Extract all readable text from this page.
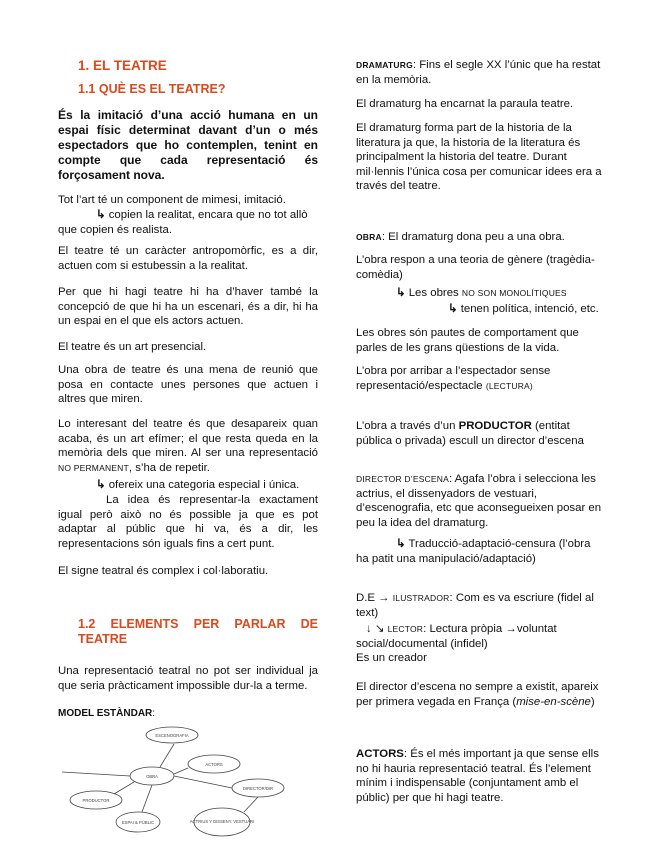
1. EL TEATRE
1.1 QUÈ ES EL TEATRE?

És la imitació d’una acció humana en un espai físic determinat davant d’un o més espectadors que ho contemplen, tenint en compte que cada representació és forçosament nova.

Tot l’art té un component de mimesi, imitació.

↳ copien la realitat, encara que no tot allò que copien és realista.

El teatre té un caràcter antropomòrfic, es a dir, actuen com si estubessin a la realitat.

Per que hi hagi teatre hi ha d’haver també la concepció de que hi ha un escenari, és a dir, hi ha un espai en el que els actors actuen.

El teatre és un art presencial.

Una obra de teatre és una mena de reunió que posa en contacte unes persones que actuen i altres que miren.

Lo interesant del teatre és que desapareix quan acaba, és un art efímer; el que resta queda en la memòria dels que miren. Al ser una representació NO PERMANENT, s’ha de repetir.

↳ ofereix una categoria especial i única.

La idea és representar-la exactament igual però això no és possible ja que es pot adaptar al públic que hi va, és a dir, les representacions són iguals fins a cert punt.

El signe teatral és complex i col·laboratiu.

1.2 ELEMENTS PER PARLAR DE TEATRE

Una representació teatral no pot ser individual ja que seria pràcticament impossible dur-la a terme.

MODEL ESTÀNDAR:

ESCENOGRAFIA
OBRA
ACTORS
DIRECTOR/DIR
PRODUCTOR
ACTRIUS Y DISSENY. VESTUARI
ESPAI & PÚBLIC

DRAMATURG: Fins el segle XX l’únic que ha restat en la memòria.

El dramaturg ha encarnat la paraula teatre.

El dramaturg forma part de la historia de la literatura ja que, la historia de la literatura és principalment la historia del teatre. Durant mil·lennis l’única cosa per comunicar idees era a través del teatre.

OBRA: El dramaturg dona peu a una obra.

L’obra respon a una teoria de gènere (tragèdia-comèdia)

↳ Les obres NO SON MONOLÍTIQUES

↳ tenen política, intenció, etc.

Les obres són pautes de comportament que parles de les grans qüestions de la vida.

L’obra por arribar a l’espectador sense representació/espectacle (LECTURA)

L’obra a través d’un PRODUCTOR (entitat pública o privada) escull un director d’escena

DIRECTOR D’ESCENA: Agafa l’obra i selecciona les actrius, el dissenyadors de vestuari, d’escenografia, etc que aconsegueixen posar en peu la idea del dramaturg.

↳ Traducció-adaptació-censura (l’obra ha patit una manipulació/adaptació)

D.E → ILUSTRADOR: Com es va escriure (fidel al text)

↓ ↘ LECTOR: Lectura pròpia →voluntat social/documental (infidel)
Es un creador

El director d’escena no sempre a existit, apareix per primera vegada en França (mise-en-scène)

ACTORS: És el més important ja que sense ells no hi hauria representació teatral. És l’element mínim i indispensable (conjuntament amb el públic) per que hi hagi teatre.
